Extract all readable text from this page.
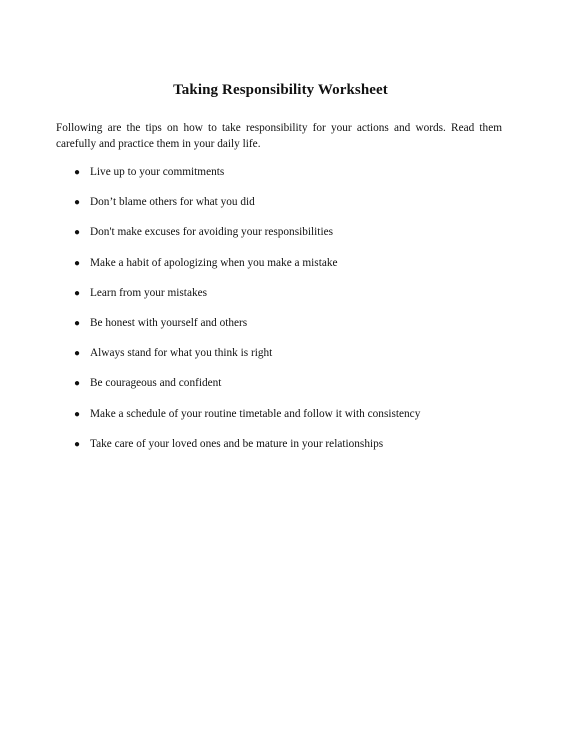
Taking Responsibility Worksheet
Following are the tips on how to take responsibility for your actions and words. Read them carefully and practice them in your daily life.
● Live up to your commitments
● Don’t blame others for what you did
● Don't make excuses for avoiding your responsibilities
● Make a habit of apologizing when you make a mistake
● Learn from your mistakes
● Be honest with yourself and others
● Always stand for what you think is right
● Be courageous and confident
● Make a schedule of your routine timetable and follow it with consistency
● Take care of your loved ones and be mature in your relationships
